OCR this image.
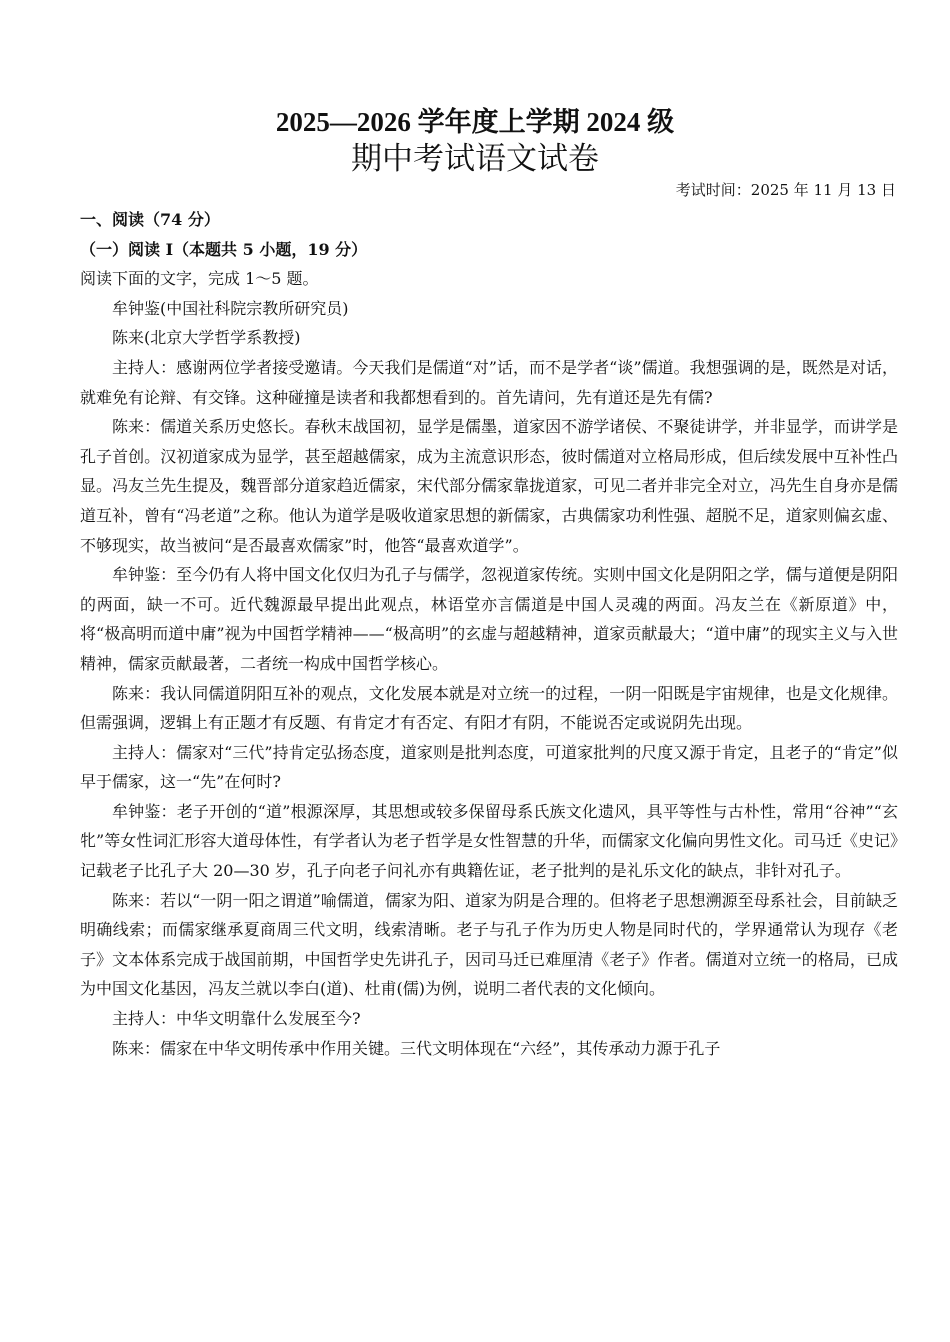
2025—2026 学年度上学期 2024 级
期中考试语文试卷
考试时间：2025 年 11 月 13 日

一、阅读（74 分）

（一）阅读 I（本题共 5 小题，19 分）

阅读下面的文字，完成 1～5 题。

牟钟鉴(中国社科院宗教所研究员)

陈来(北京大学哲学系教授)

主持人：感谢两位学者接受邀请。今天我们是儒道“对”话，而不是学者“谈”儒道。我想强调的是，既然是对话，就难免有论辩、有交锋。这种碰撞是读者和我都想看到的。首先请问，先有道还是先有儒?

陈来：儒道关系历史悠长。春秋末战国初，显学是儒墨，道家因不游学诸侯、不聚徒讲学，并非显学，而讲学是孔子首创。汉初道家成为显学，甚至超越儒家，成为主流意识形态，彼时儒道对立格局形成，但后续发展中互补性凸显。冯友兰先生提及，魏晋部分道家趋近儒家，宋代部分儒家靠拢道家，可见二者并非完全对立，冯先生自身亦是儒道互补，曾有“冯老道”之称。他认为道学是吸收道家思想的新儒家，古典儒家功利性强、超脱不足，道家则偏玄虚、不够现实，故当被问“是否最喜欢儒家”时，他答“最喜欢道学”。

牟钟鉴：至今仍有人将中国文化仅归为孔子与儒学，忽视道家传统。实则中国文化是阴阳之学，儒与道便是阴阳的两面，缺一不可。近代魏源最早提出此观点，林语堂亦言儒道是中国人灵魂的两面。冯友兰在《新原道》中，将“极高明而道中庸”视为中国哲学精神——“极高明”的玄虚与超越精神，道家贡献最大；“道中庸”的现实主义与入世精神，儒家贡献最著，二者统一构成中国哲学核心。

陈来：我认同儒道阴阳互补的观点，文化发展本就是对立统一的过程，一阴一阳既是宇宙规律，也是文化规律。但需强调，逻辑上有正题才有反题、有肯定才有否定、有阳才有阴，不能说否定或说阴先出现。

主持人：儒家对“三代”持肯定弘扬态度，道家则是批判态度，可道家批判的尺度又源于肯定，且老子的“肯定”似早于儒家，这一“先”在何时?

牟钟鉴：老子开创的“道”根源深厚，其思想或较多保留母系氏族文化遗风，具平等性与古朴性，常用“谷神”“玄牝”等女性词汇形容大道母体性，有学者认为老子哲学是女性智慧的升华，而儒家文化偏向男性文化。司马迁《史记》记载老子比孔子大 20—30 岁，孔子向老子问礼亦有典籍佐证，老子批判的是礼乐文化的缺点，非针对孔子。

陈来：若以“一阴一阳之谓道”喻儒道，儒家为阳、道家为阴是合理的。但将老子思想溯源至母系社会，目前缺乏明确线索；而儒家继承夏商周三代文明，线索清晰。老子与孔子作为历史人物是同时代的，学界通常认为现存《老子》文本体系完成于战国前期，中国哲学史先讲孔子，因司马迁已难厘清《老子》作者。儒道对立统一的格局，已成为中国文化基因，冯友兰就以李白(道)、杜甫(儒)为例，说明二者代表的文化倾向。

主持人：中华文明靠什么发展至今?

陈来：儒家在中华文明传承中作用关键。三代文明体现在“六经”，其传承动力源于孔子
